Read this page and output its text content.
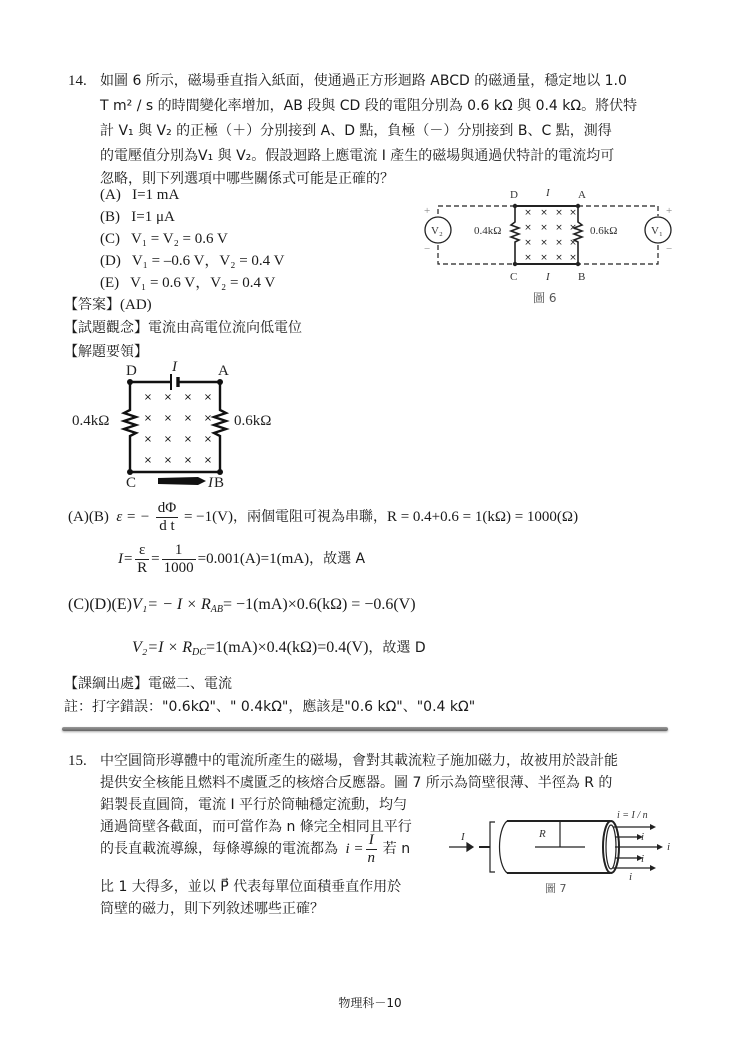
14. 如圖 6 所示，磁場垂直指入紙面，使通過正方形迴路 ABCD 的磁通量，穩定地以 1.0
T m² / s 的時間變化率增加，AB 段與 CD 段的電阻分別為 0.6 kΩ 與 0.4 kΩ。將伏特
計 V₁ 與 V₂ 的正極（＋）分別接到 A、D 點，負極（－）分別接到 B、C 點，測得
的電壓值分別為V₁ 與 V₂。假設迴路上應電流 I 產生的磁場與通過伏特計的電流均可
忽略，則下列選項中哪些關係式可能是正確的？
(A) I=1 mA
(B) I=1 μA
(C) V₁ = V₂ = 0.6 V
(D) V₁ = –0.6 V，V₂ = 0.4 V
(E) V₁ = 0.6 V，V₂ = 0.4 V
【答案】(AD)
【試題觀念】電流由高電位流向低電位
【解題要領】
× × × ×
× × × ×
× × × ×
× × × ×
D	A
C	B
I
I
0.4kΩ	0.6kΩ
V₂	V₁
+
−
+
−
圖 6
× × × ×
× × × ×
× × × ×
× × × ×
D	A
C	I B
I
0.4kΩ	0.6kΩ
(A)(B) ε = − $\frac{d\Phi}{\text{d t}} = -1(V)$，兩個電阻可視為串聯，R = 0.4+0.6 = 1(kΩ) = 1000(Ω)
$I= \frac{\varepsilon}{R} = \frac{1}{1000} =0.001(A)=1(mA)$，故選 A
$(C)(D)(E)V_1= - I \times R_{AB}= -1(mA)\times 0.6(k\Omega) = -0.6(V)$
$V_2=I \times R_{DC}=1(mA)\times 0.4(k\Omega)=0.4(V)$，故選 D
【課綱出處】電磁二、電流
註：打字錯誤："0.6kΩ"、" 0.4kΩ"，應該是"0.6 kΩ"、"0.4 kΩ"
15. 中空圓筒形導體中的電流所產生的磁場，會對其載流粒子施加磁力，故被用於設計能
提供安全核能且燃料不虞匱乏的核熔合反應器。圖 7 所示為筒壁很薄、半徑為 R 的
鋁製長直圓筒，電流 I 平行於筒軸穩定流動，均勻
通過筒壁各截面，而可當作為 n 條完全相同且平行
的長直載流導線，每條導線的電流都為 $i = \frac{I}{n}$ 若 n
比 1 大得多，並以 P⃗ 代表每單位面積垂直作用於
筒壁的磁力，則下列敘述哪些正確？
I	R
i = I / n
i
i
i
i
圖 7
物理科－10
